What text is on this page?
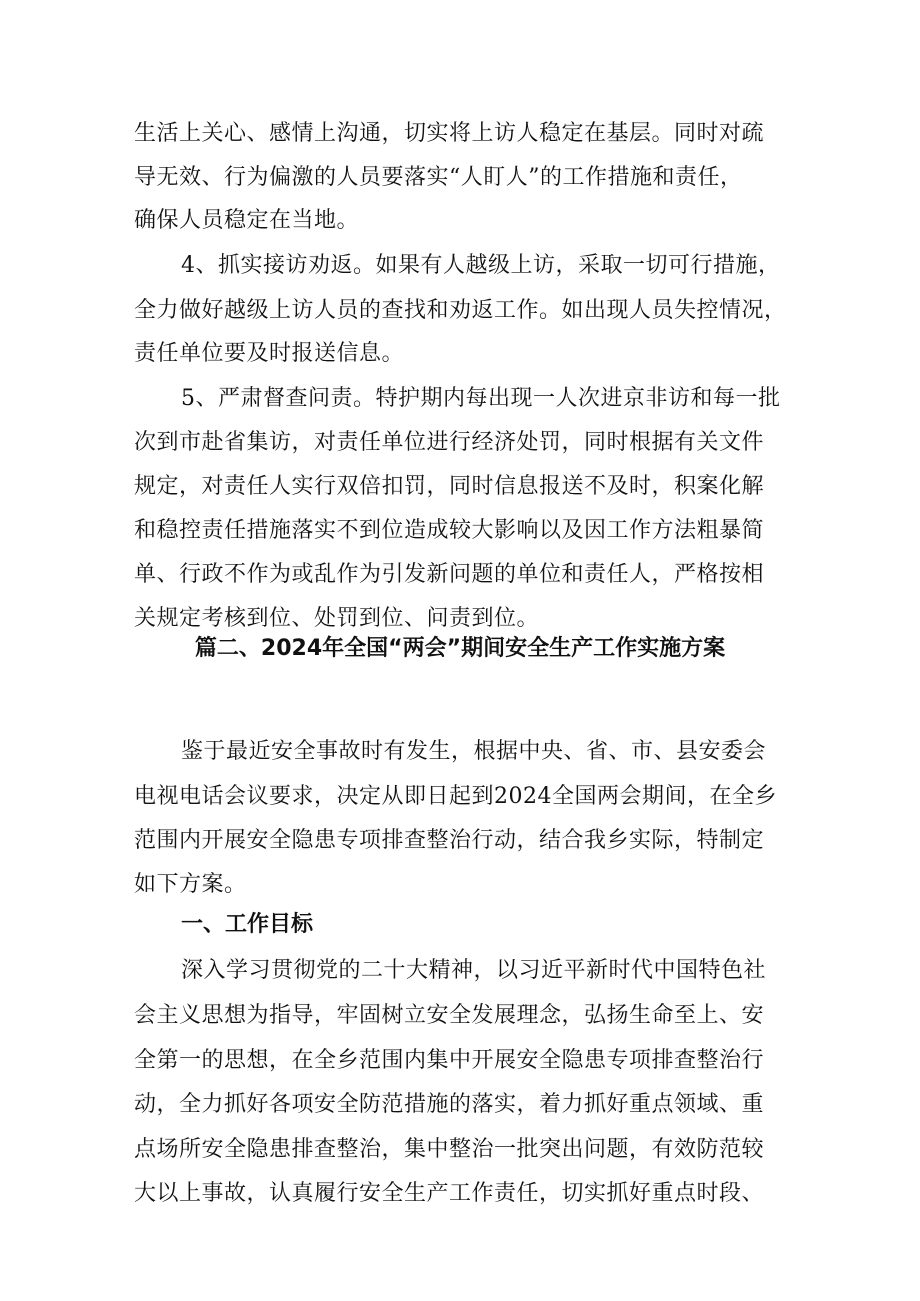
生活上关心、感情上沟通，切实将上访人稳定在基层。同时对疏
导无效、行为偏激的人员要落实“人盯人”的工作措施和责任，
确保人员稳定在当地。
4、抓实接访劝返。如果有人越级上访，采取一切可行措施，
全力做好越级上访人员的查找和劝返工作。如出现人员失控情况，
责任单位要及时报送信息。
5、严肃督查问责。特护期内每出现一人次进京非访和每一批
次到市赴省集访，对责任单位进行经济处罚，同时根据有关文件
规定，对责任人实行双倍扣罚，同时信息报送不及时，积案化解
和稳控责任措施落实不到位造成较大影响以及因工作方法粗暴简
单、行政不作为或乱作为引发新问题的单位和责任人，严格按相
关规定考核到位、处罚到位、问责到位。
篇二、2024年全国“两会”期间安全生产工作实施方案
鉴于最近安全事故时有发生，根据中央、省、市、县安委会
电视电话会议要求，决定从即日起到2024全国两会期间，在全乡
范围内开展安全隐患专项排查整治行动，结合我乡实际，特制定
如下方案。
一、工作目标
深入学习贯彻党的二十大精神，以习近平新时代中国特色社
会主义思想为指导，牢固树立安全发展理念，弘扬生命至上、安
全第一的思想，在全乡范围内集中开展安全隐患专项排查整治行
动，全力抓好各项安全防范措施的落实，着力抓好重点领域、重
点场所安全隐患排查整治，集中整治一批突出问题，有效防范较
大以上事故，认真履行安全生产工作责任，切实抓好重点时段、
